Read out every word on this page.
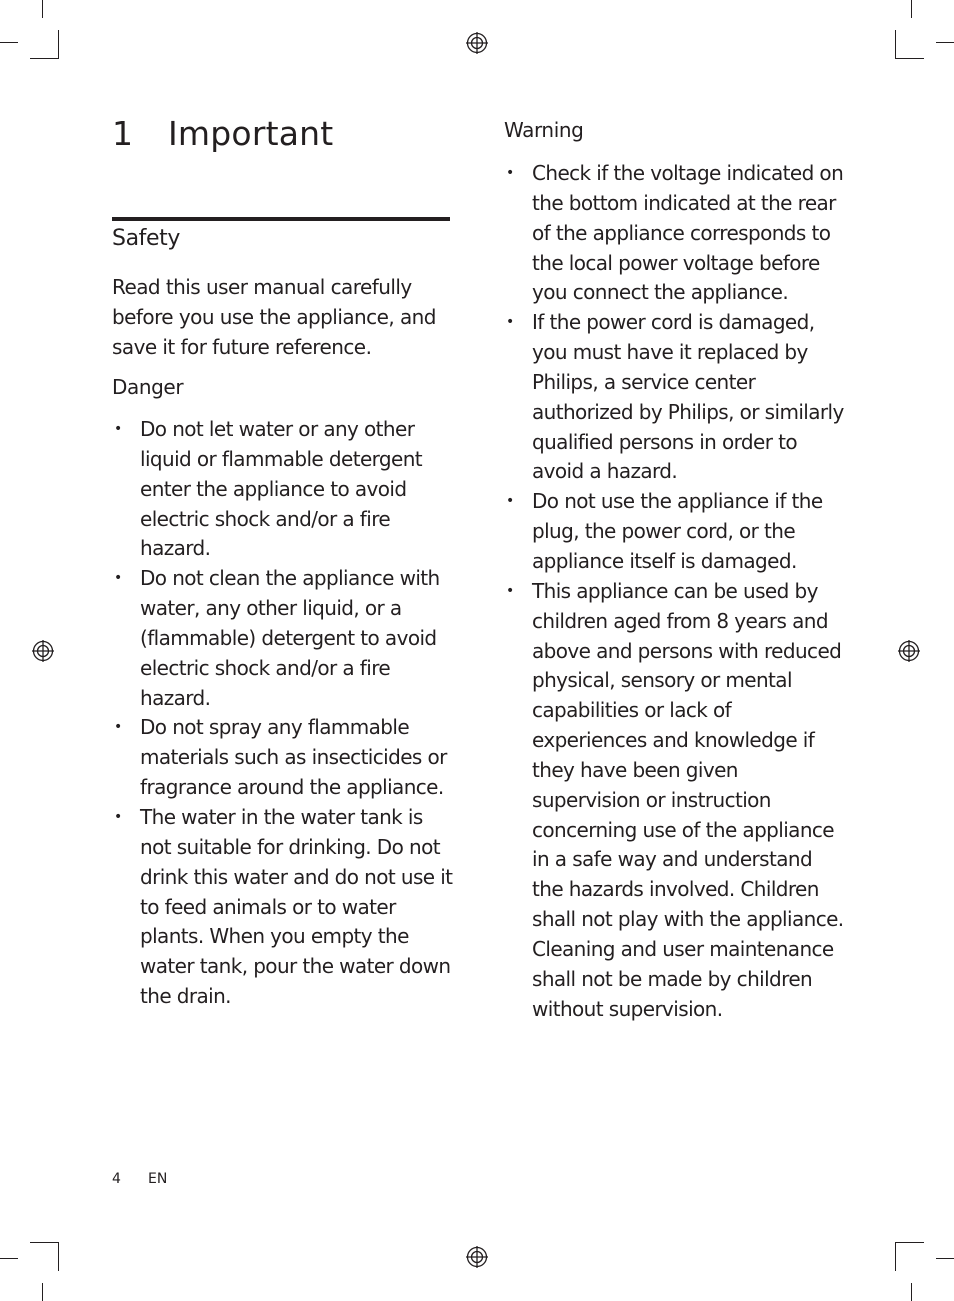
1 Important
Safety

Read this user manual carefully before you use the appliance, and save it for future reference.

Danger
• Do not let water or any other liquid or flammable detergent enter the appliance to avoid electric shock and/or a fire hazard.
• Do not clean the appliance with water, any other liquid, or a (flammable) detergent to avoid electric shock and/or a fire hazard.
• Do not spray any flammable materials such as insecticides or fragrance around the appliance.
• The water in the water tank is not suitable for drinking. Do not drink this water and do not use it to feed animals or to water plants. When you empty the water tank, pour the water down the drain.
Warning
• Check if the voltage indicated on the bottom indicated at the rear of the appliance corresponds to the local power voltage before you connect the appliance.
• If the power cord is damaged, you must have it replaced by Philips, a service center authorized by Philips, or similarly qualified persons in order to avoid a hazard.
• Do not use the appliance if the plug, the power cord, or the appliance itself is damaged.
• This appliance can be used by children aged from 8 years and above and persons with reduced physical, sensory or mental capabilities or lack of experiences and knowledge if they have been given supervision or instruction concerning use of the appliance in a safe way and understand the hazards involved. Children shall not play with the appliance. Cleaning and user maintenance shall not be made by children without supervision.
4 EN
